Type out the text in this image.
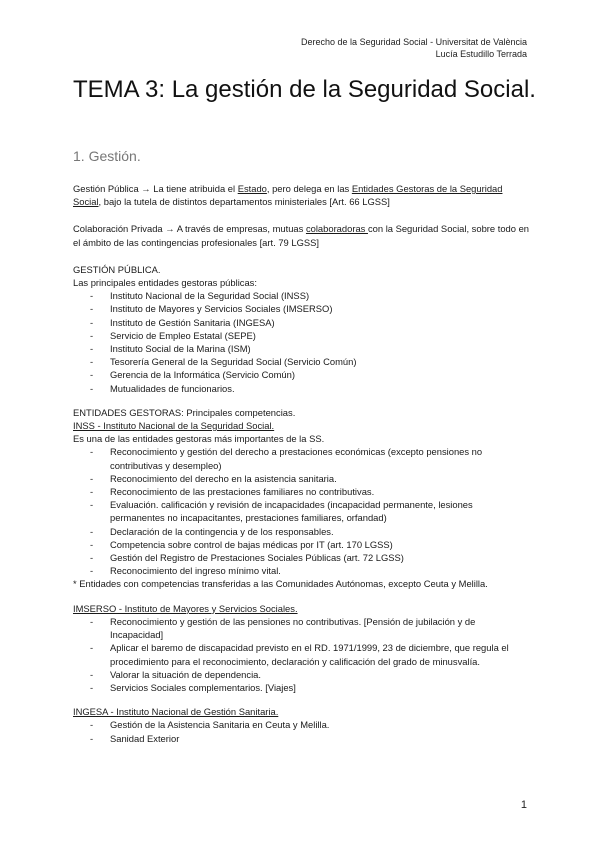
Derecho de la Seguridad Social - Universitat de València
Lucía Estudillo Terrada
TEMA 3: La gestión de la Seguridad Social.
1. Gestión.

Gestión Pública → La tiene atribuida el Estado, pero delega en las Entidades Gestoras de la Seguridad Social, bajo la tutela de distintos departamentos ministeriales [Art. 66 LGSS]

Colaboración Privada → A través de empresas, mutuas colaboradoras con la Seguridad Social, sobre todo en el ámbito de las contingencias profesionales [art. 79 LGSS]

GESTIÓN PÚBLICA.
Las principales entidades gestoras públicas:
- Instituto Nacional de la Seguridad Social (INSS)
- Instituto de Mayores y Servicios Sociales (IMSERSO)
- Instituto de Gestión Sanitaria (INGESA)
- Servicio de Empleo Estatal (SEPE)
- Instituto Social de la Marina (ISM)
- Tesorería General de la Seguridad Social (Servicio Común)
- Gerencia de la Informática (Servicio Común)
- Mutualidades de funcionarios.
ENTIDADES GESTORAS: Principales competencias.
INSS - Instituto Nacional de la Seguridad Social.
Es una de las entidades gestoras más importantes de la SS.
- Reconocimiento y gestión del derecho a prestaciones económicas (excepto pensiones no contributivas y desempleo)
- Reconocimiento del derecho en la asistencia sanitaria.
- Reconocimiento de las prestaciones familiares no contributivas.
- Evaluación. calificación y revisión de incapacidades (incapacidad permanente, lesiones permanentes no incapacitantes, prestaciones familiares, orfandad)
- Declaración de la contingencia y de los responsables.
- Competencia sobre control de bajas médicas por IT (art. 170 LGSS)
- Gestión del Registro de Prestaciones Sociales Públicas (art. 72 LGSS)
- Reconocimiento del ingreso mínimo vital.
* Entidades con competencias transferidas a las Comunidades Autónomas, excepto Ceuta y Melilla.
IMSERSO - Instituto de Mayores y Servicios Sociales.
- Reconocimiento y gestión de las pensiones no contributivas. [Pensión de jubilación y de Incapacidad]
- Aplicar el baremo de discapacidad previsto en el RD. 1971/1999, 23 de diciembre, que regula el procedimiento para el reconocimiento, declaración y calificación del grado de minusvalía.
- Valorar la situación de dependencia.
- Servicios Sociales complementarios. [Viajes]
INGESA - Instituto Nacional de Gestión Sanitaria.
- Gestión de la Asistencia Sanitaria en Ceuta y Melilla.
- Sanidad Exterior
1
